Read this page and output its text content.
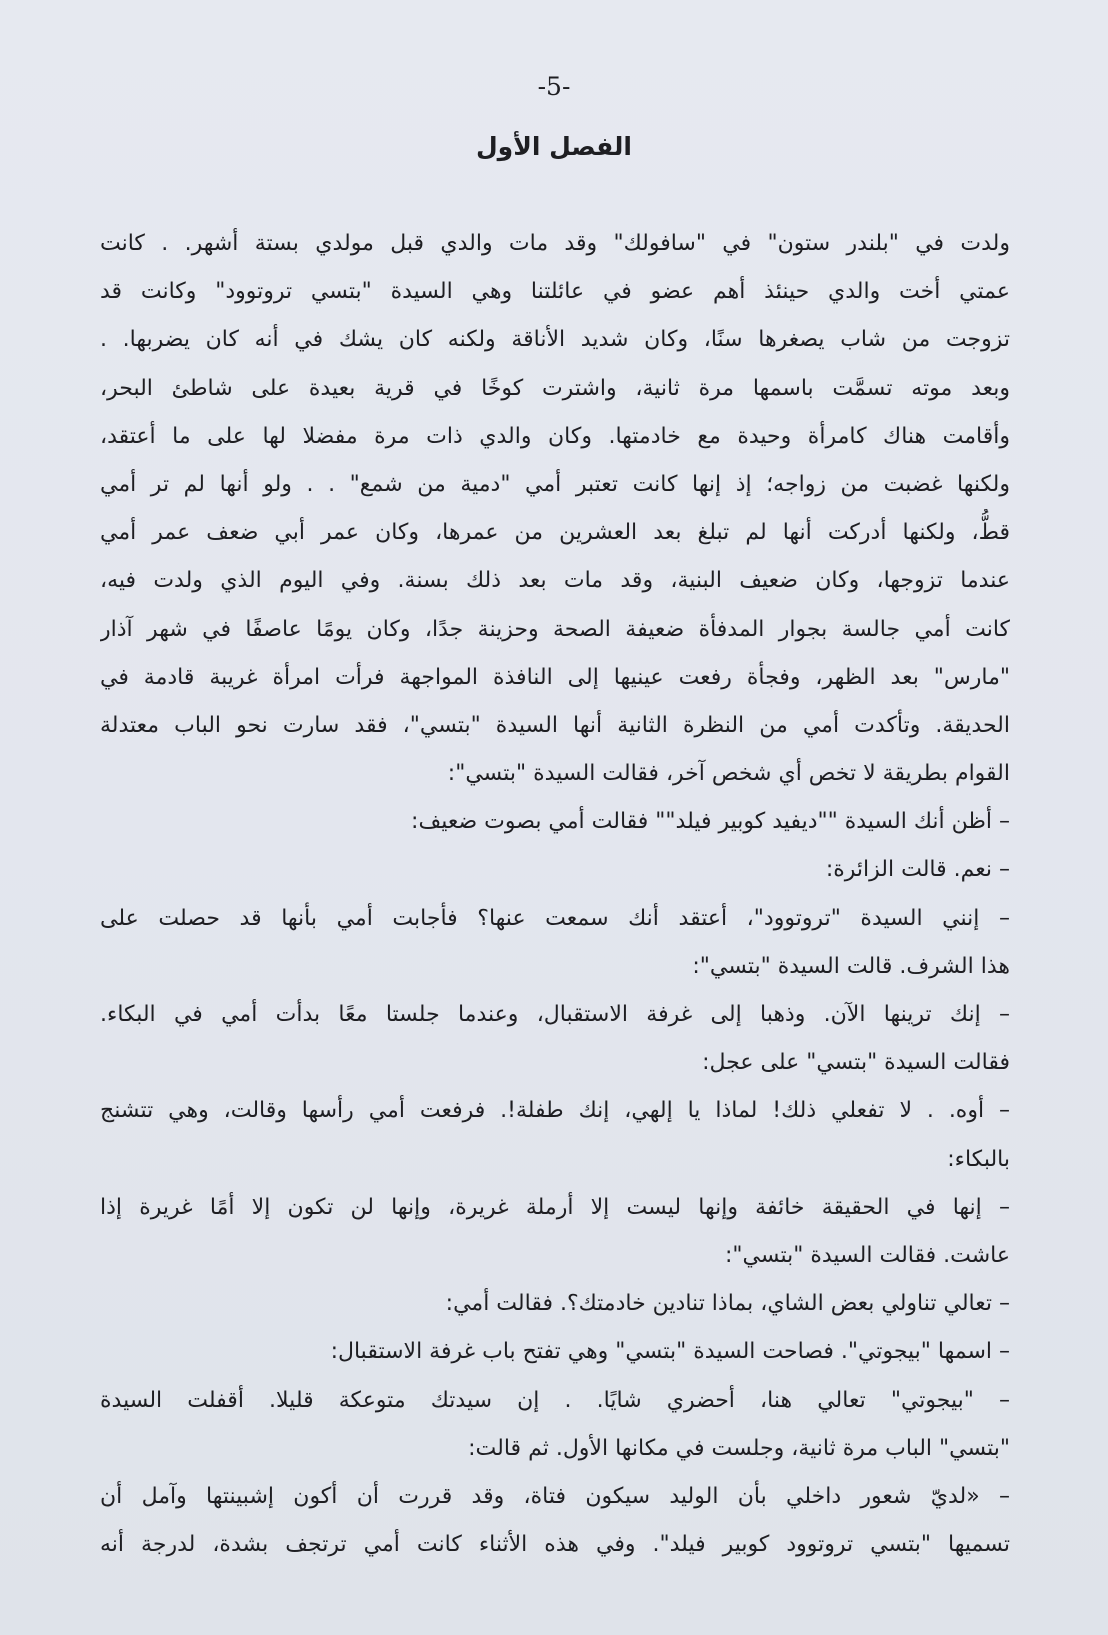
-5-
الفصل الأول
ولدت في "بلندر ستون" في "سافولك" وقد مات والدي قبل مولدي بستة أشهر. . كانت
عمتي أخت والدي حينئذ أهم عضو في عائلتنا وهي السيدة "بتسي تروتوود" وكانت قد
تزوجت من شاب يصغرها سنًا، وكان شديد الأناقة ولكنه كان يشك في أنه كان يضربها. .
وبعد موته تسمَّت باسمها مرة ثانية، واشترت كوخًا في قرية بعيدة على شاطئ البحر،
وأقامت هناك كامرأة وحيدة مع خادمتها. وكان والدي ذات مرة مفضلا لها على ما أعتقد،
ولكنها غضبت من زواجه؛ إذ إنها كانت تعتبر أمي "دمية من شمع" . . ولو أنها لم تر أمي
قطُّ، ولكنها أدركت أنها لم تبلغ بعد العشرين من عمرها، وكان عمر أبي ضعف عمر أمي
عندما تزوجها، وكان ضعيف البنية، وقد مات بعد ذلك بسنة. وفي اليوم الذي ولدت فيه،
كانت أمي جالسة بجوار المدفأة ضعيفة الصحة وحزينة جدًا، وكان يومًا عاصفًا في شهر آذار
"مارس" بعد الظهر، وفجأة رفعت عينيها إلى النافذة المواجهة فرأت امرأة غريبة قادمة في
الحديقة. وتأكدت أمي من النظرة الثانية أنها السيدة "بتسي"، فقد سارت نحو الباب معتدلة
القوام بطريقة لا تخص أي شخص آخر، فقالت السيدة "بتسي":
– أظن أنك السيدة ""ديفيد كوبير فيلد"" فقالت أمي بصوت ضعيف:
– نعم. قالت الزائرة:
– إنني السيدة "تروتوود"، أعتقد أنك سمعت عنها؟ فأجابت أمي بأنها قد حصلت على
هذا الشرف. قالت السيدة "بتسي":
– إنك ترينها الآن. وذهبا إلى غرفة الاستقبال، وعندما جلستا معًا بدأت أمي في البكاء.
فقالت السيدة "بتسي" على عجل:
– أوه. . لا تفعلي ذلك! لماذا يا إلهي، إنك طفلة!. فرفعت أمي رأسها وقالت، وهي تتشنج
بالبكاء:
– إنها في الحقيقة خائفة وإنها ليست إلا أرملة غريرة، وإنها لن تكون إلا أمًا غريرة إذا
عاشت. فقالت السيدة "بتسي":
– تعالي تناولي بعض الشاي، بماذا تنادين خادمتك؟. فقالت أمي:
– اسمها "بيجوتي". فصاحت السيدة "بتسي" وهي تفتح باب غرفة الاستقبال:
– "بيجوتي" تعالي هنا، أحضري شايًا. . إن سيدتك متوعكة قليلا. أقفلت السيدة
"بتسي" الباب مرة ثانية، وجلست في مكانها الأول. ثم قالت:
– «لديّ شعور داخلي بأن الوليد سيكون فتاة، وقد قررت أن أكون إشبينتها وآمل أن
تسميها "بتسي تروتوود كوبير فيلد". وفي هذه الأثناء كانت أمي ترتجف بشدة، لدرجة أنه
